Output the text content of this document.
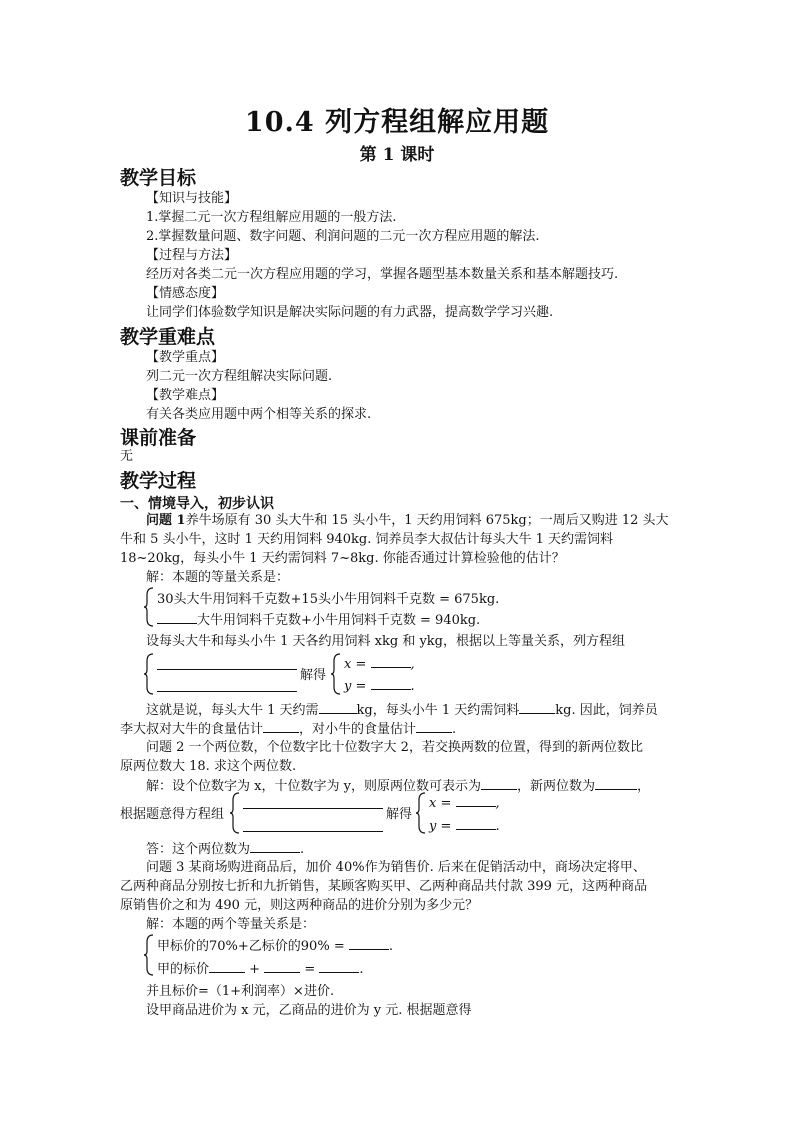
10.4 列方程组解应用题
第 1 课时
教学目标
【知识与技能】
1.掌握二元一次方程组解应用题的一般方法.
2.掌握数量问题、数字问题、利润问题的二元一次方程应用题的解法.
【过程与方法】
经历对各类二元一次方程应用题的学习，掌握各题型基本数量关系和基本解题技巧.
【情感态度】
让同学们体验数学知识是解决实际问题的有力武器，提高数学学习兴趣.
教学重难点
【教学重点】
列二元一次方程组解决实际问题.
【教学难点】
有关各类应用题中两个相等关系的探求.
课前准备
无
教学过程
一、情境导入，初步认识
问题 1养牛场原有 30 头大牛和 15 头小牛，1 天约用饲料 675kg；一周后又购进 12 头大
牛和 5 头小牛，这时 1 天约用饲料 940kg. 饲养员李大叔估计每头大牛 1 天约需饲料
18~20kg，每头小牛 1 天约需饲料 7~8kg. 你能否通过计算检验他的估计？
解：本题的等量关系是：
30头大牛用饲料千克数+15头小牛用饲料千克数 = 675kg.
大牛用饲料千克数+小牛用饲料千克数 = 940kg.
设每头大牛和每头小牛 1 天各约用饲料 xkg 和 ykg，根据以上等量关系，列方程组
解得
x =	,
y =	.
这就是说，每头大牛 1 天约需	kg，每头小牛 1 天约需饲料	kg. 因此，饲养员
李大叔对大牛的食量估计	，对小牛的食量估计	.
问题 2 一个两位数，个位数字比十位数字大 2，若交换两数的位置，得到的新两位数比
原两位数大 18. 求这个两位数.
解：设个位数字为 x，十位数字为 y，则原两位数可表示为	，新两位数为	，
根据题意得方程组	解得
x =	,
y =	.
答：这个两位数为	.
问题 3 某商场购进商品后，加价 40%作为销售价. 后来在促销活动中，商场决定将甲、
乙两种商品分别按七折和九折销售，某顾客购买甲、乙两种商品共付款 399 元，这两种商品
原销售价之和为 490 元，则这两种商品的进价分别为多少元？
解：本题的两个等量关系是：
甲标价的70%+乙标价的90% =	.
甲的标价	+	=	.
并且标价=（1+利润率）×进价.
设甲商品进价为 x 元，乙商品的进价为 y 元. 根据题意得
